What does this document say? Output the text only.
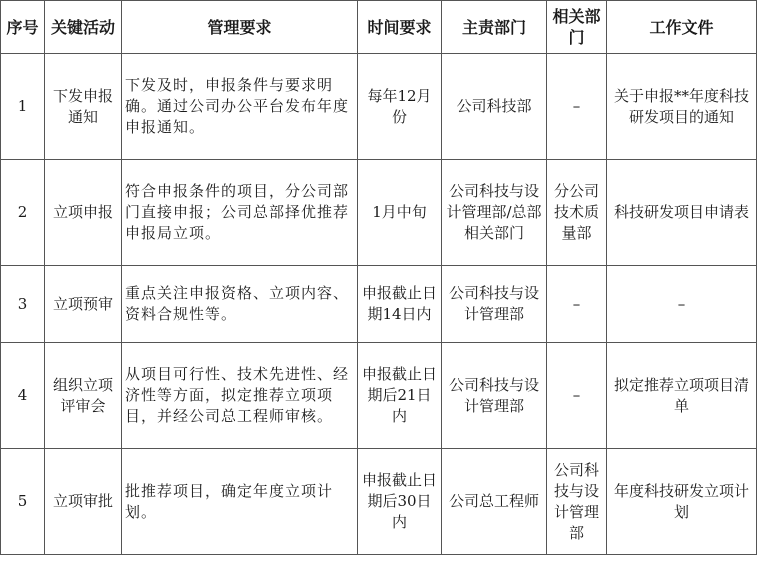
序号	关键活动	管理要求	时间要求	主责部门	相关部门	工作文件
1	下发申报通知	下发及时，申报条件与要求明确。通过公司办公平台发布年度申报通知。	每年12月份	公司科技部	–	关于申报**年度科技研发项目的通知
2	立项申报	符合申报条件的项目，分公司部门直接申报；公司总部择优推荐申报局立项。	1月中旬	公司科技与设计管理部/总部相关部门	分公司技术质量部	科技研发项目申请表
3	立项预审	重点关注申报资格、立项内容、资料合规性等。	申报截止日期14日内	公司科技与设计管理部	–	–
4	组织立项评审会	从项目可行性、技术先进性、经济性等方面，拟定推荐立项项目，并经公司总工程师审核。	申报截止日期后21日内	公司科技与设计管理部	–	拟定推荐立项项目清单
5	立项审批	批推荐项目，确定年度立项计划。	申报截止日期后30日内	公司总工程师	公司科技与设计管理部	年度科技研发立项计划
